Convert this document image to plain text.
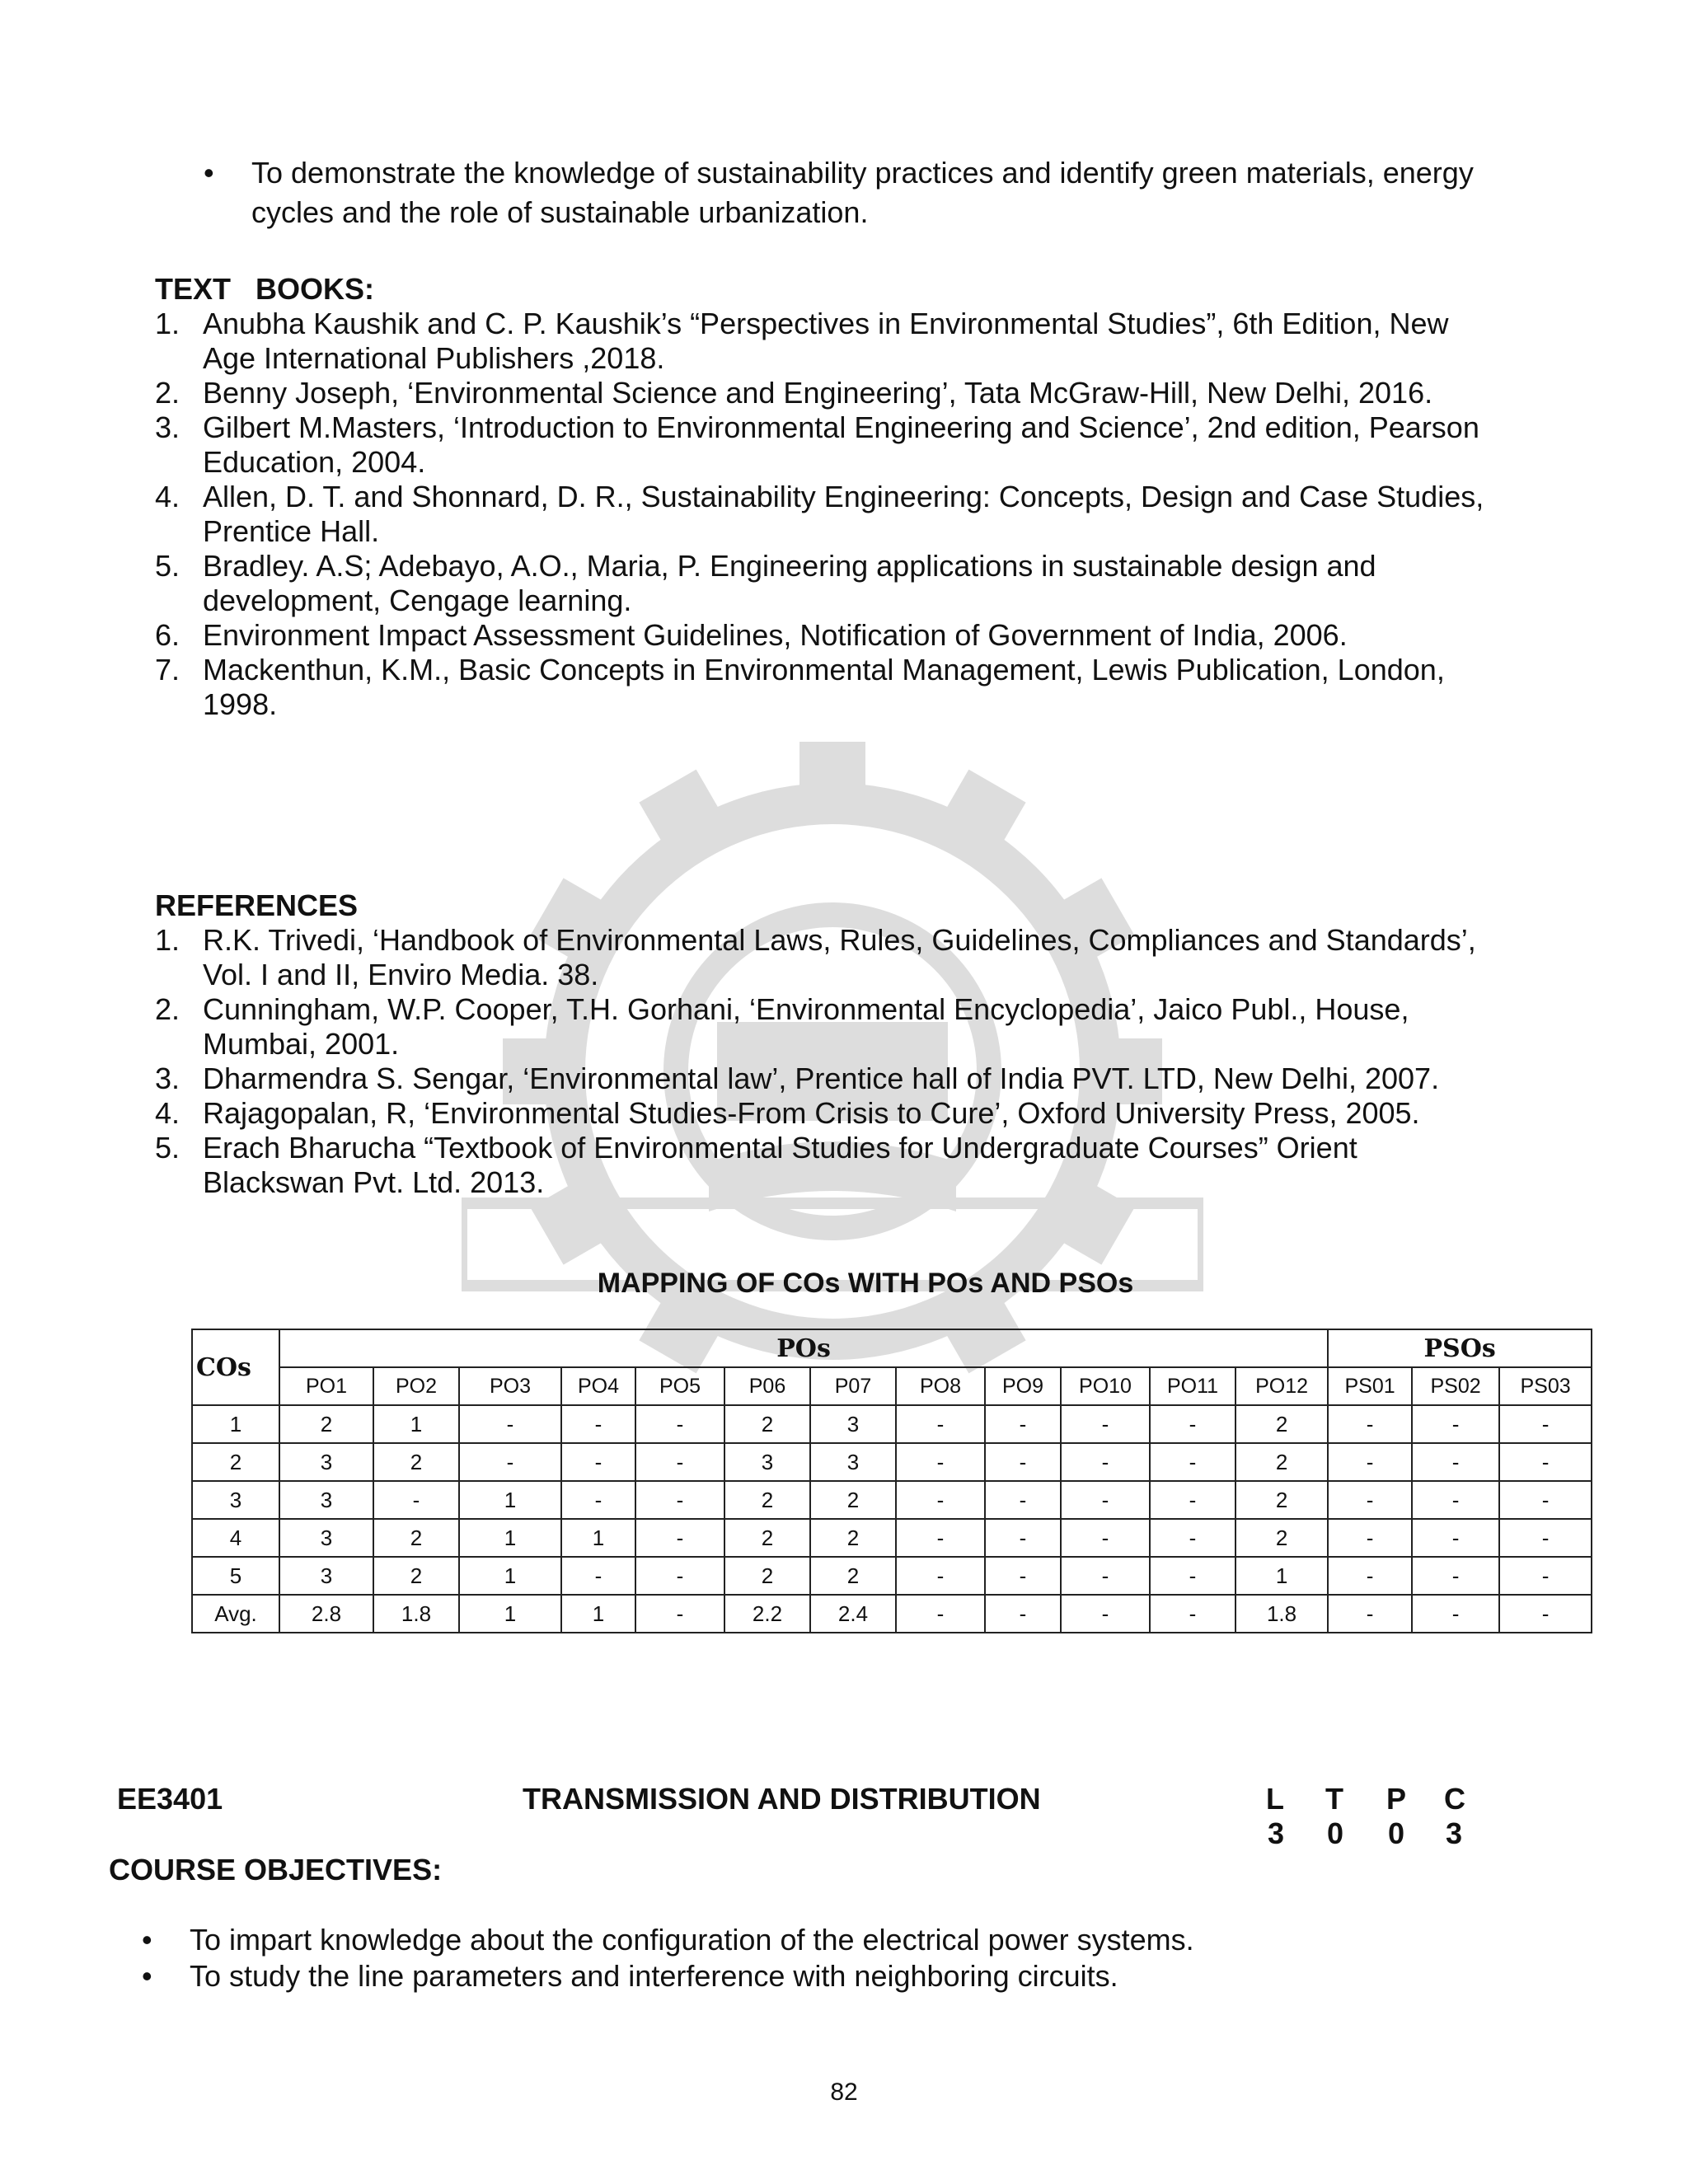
• To demonstrate the knowledge of sustainability practices and identify green materials, energy cycles and the role of sustainable urbanization.
TEXT   BOOKS:
1. Anubha Kaushik and C. P. Kaushik’s “Perspectives in Environmental Studies”, 6th Edition, New
Age International Publishers ,2018.
2. Benny Joseph, ‘Environmental Science and Engineering’, Tata McGraw-Hill, New Delhi, 2016.
3. Gilbert M.Masters, ‘Introduction to Environmental Engineering and Science’, 2nd edition, Pearson
Education, 2004.
4. Allen, D. T. and Shonnard, D. R., Sustainability Engineering: Concepts, Design and Case Studies,
Prentice Hall.
5. Bradley. A.S; Adebayo, A.O., Maria, P. Engineering applications in sustainable design and
development, Cengage learning.
6. Environment Impact Assessment Guidelines, Notification of Government of India, 2006.
7. Mackenthun, K.M., Basic Concepts in Environmental Management, Lewis Publication, London,
1998.
REFERENCES
1. R.K. Trivedi, ‘Handbook of Environmental Laws, Rules, Guidelines, Compliances and Standards’,
Vol. I and II, Enviro Media. 38.
2. Cunningham, W.P. Cooper, T.H. Gorhani, ‘Environmental Encyclopedia’, Jaico Publ., House,
Mumbai, 2001.
3. Dharmendra S. Sengar, ‘Environmental law’, Prentice hall of India PVT. LTD, New Delhi, 2007.
4. Rajagopalan, R, ‘Environmental Studies-From Crisis to Cure’, Oxford University Press, 2005.
5. Erach Bharucha “Textbook of Environmental Studies for Undergraduate Courses” Orient
Blackswan Pvt. Ltd. 2013.
MAPPING OF COs WITH POs AND PSOs
COs	POs												PSOs		
	PO1	PO2	PO3	PO4	PO5	P06	P07	PO8	PO9	PO10	PO11	PO12	PS01	PS02	PS03
1	2	1	-	-	-	2	3	-	-	-	-	2	-	-	-
2	3	2	-	-	-	3	3	-	-	-	-	2	-	-	-
3	3	-	1	-	-	2	2	-	-	-	-	2	-	-	-
4	3	2	1	1	-	2	2	-	-	-	-	2	-	-	-
5	3	2	1	-	-	2	2	-	-	-	-	1	-	-	-
Avg.	2.8	1.8	1	1	-	2.2	2.4	-	-	-	-	1.8	-	-	-
EE3401	TRANSMISSION AND DISTRIBUTION	L T P C
3 0 0 3
COURSE OBJECTIVES:
• To impart knowledge about the configuration of the electrical power systems.
• To study the line parameters and interference with neighboring circuits.
82
